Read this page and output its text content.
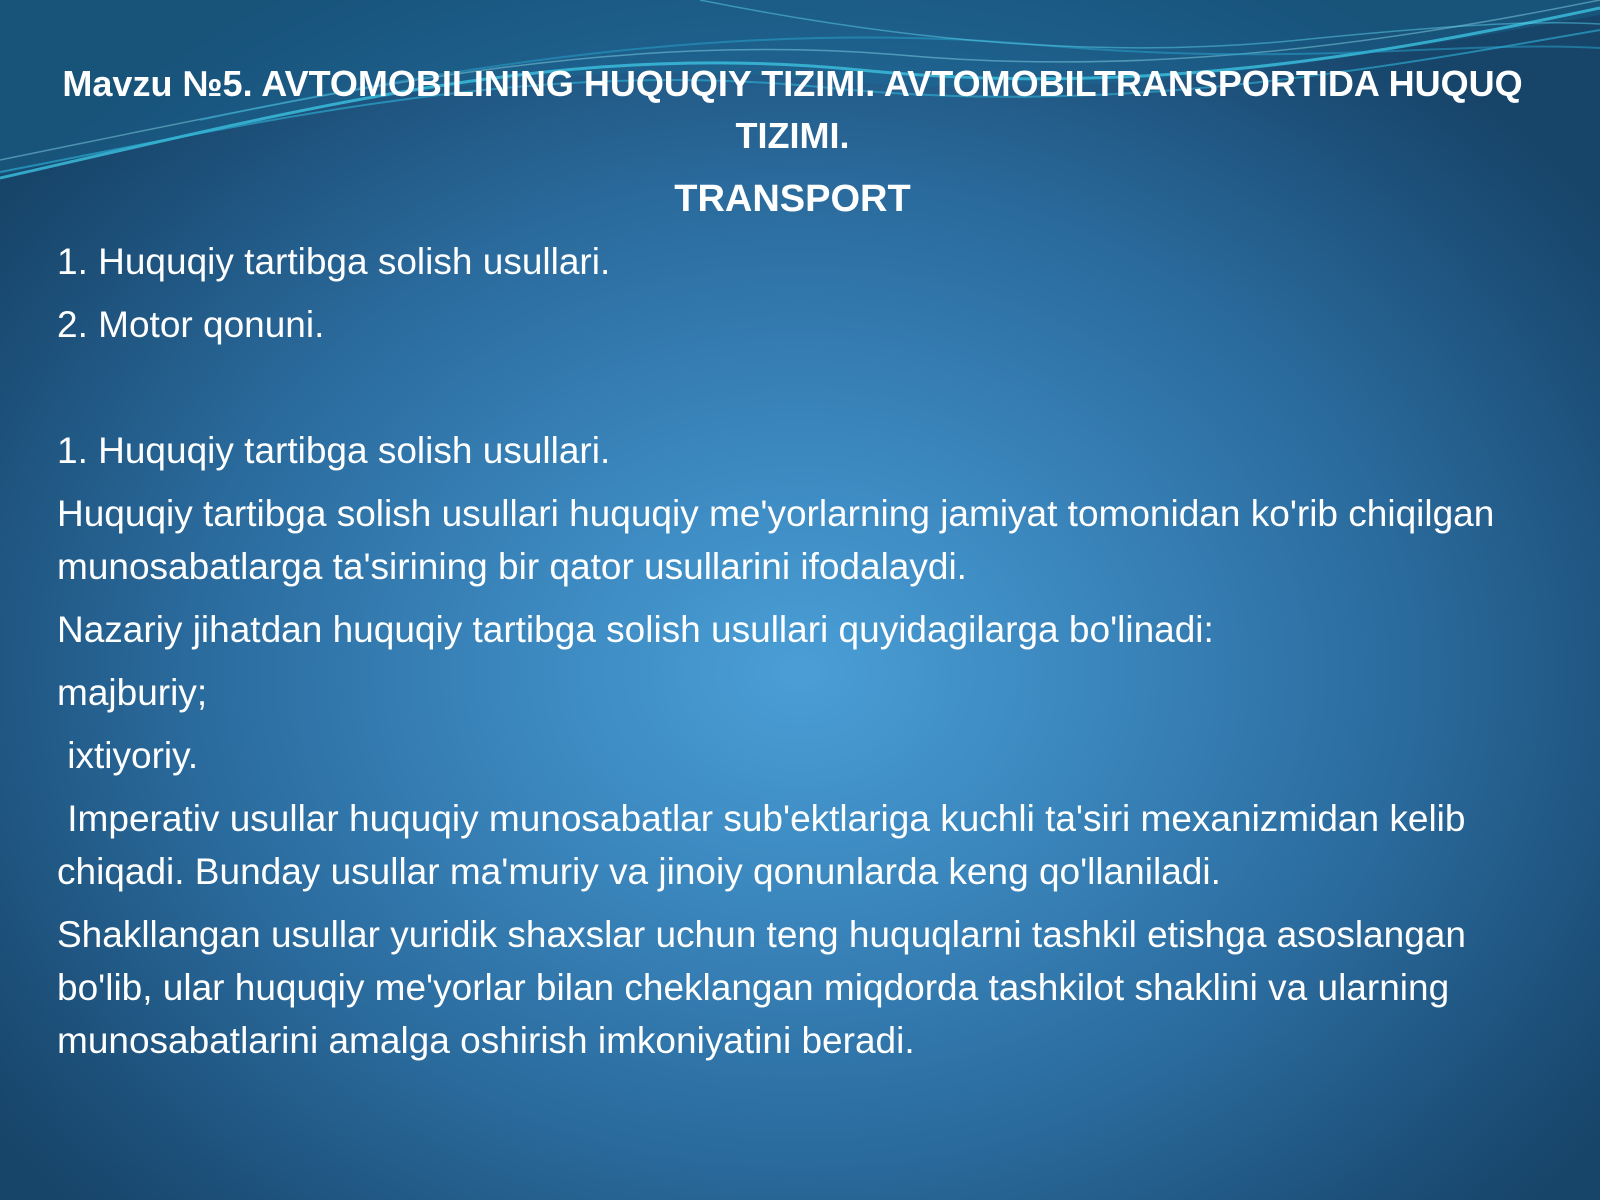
Mavzu №5. AVTOMOBILINING HUQUQIY TIZIMI. AVTOMOBILTRANSPORTIDA HUQUQ TIZIMI.
TRANSPORT

1. Huquqiy tartibga solish usullari.

2. Motor qonuni.

1. Huquqiy tartibga solish usullari.

Huquqiy tartibga solish usullari huquqiy me'yorlarning jamiyat tomonidan ko'rib chiqilgan munosabatlarga ta'sirining bir qator usullarini ifodalaydi.

Nazariy jihatdan huquqiy tartibga solish usullari quyidagilarga bo'linadi:

majburiy;

ixtiyoriy.

Imperativ usullar huquqiy munosabatlar sub'ektlariga kuchli ta'siri mexanizmidan kelib chiqadi. Bunday usullar ma'muriy va jinoiy qonunlarda keng qo'llaniladi.

Shakllangan usullar yuridik shaxslar uchun teng huquqlarni tashkil etishga asoslangan bo'lib, ular huquqiy me'yorlar bilan cheklangan miqdorda tashkilot shaklini va ularning munosabatlarini amalga oshirish imkoniyatini beradi.
